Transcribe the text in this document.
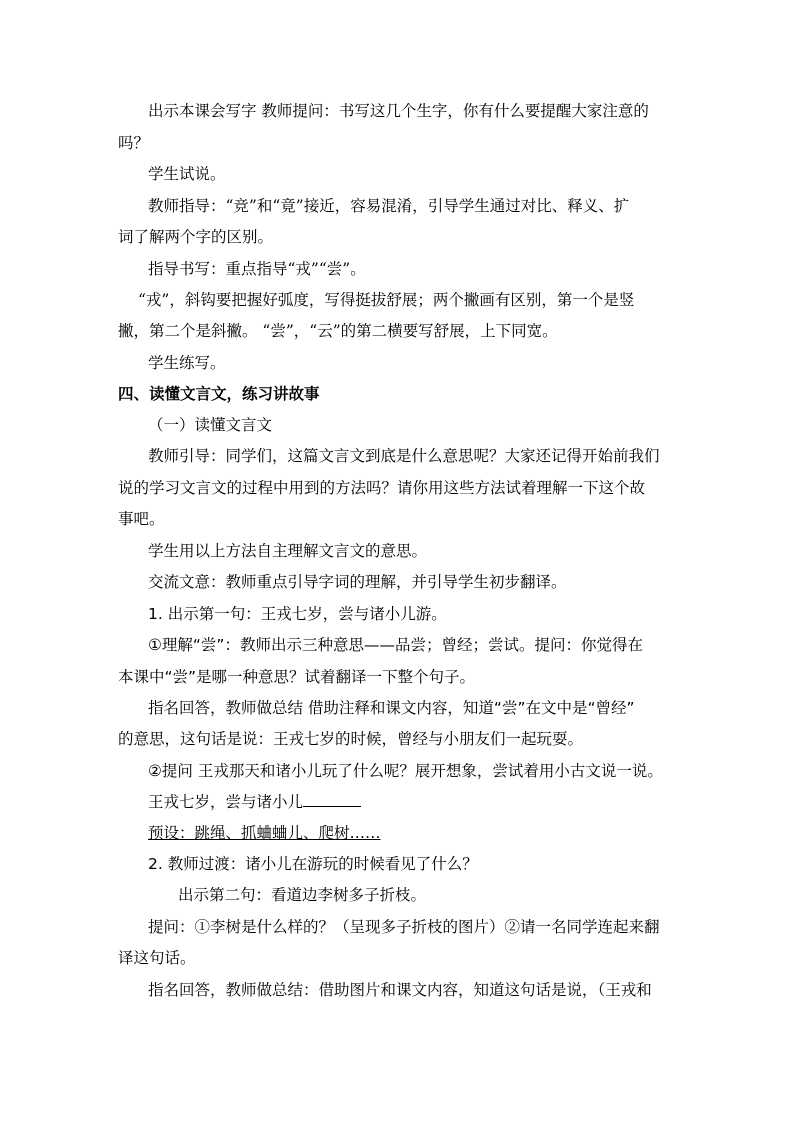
出示本课会写字 教师提问：书写这几个生字，你有什么要提醒大家注意的
吗？
学生试说。
教师指导：“竞”和“竟”接近，容易混淆，引导学生通过对比、释义、扩
词了解两个字的区别。
指导书写：重点指导“戎”“尝”。
“戎”，斜钩要把握好弧度，写得挺拔舒展；两个撇画有区别，第一个是竖
撇，第二个是斜撇。 “尝”，“云”的第二横要写舒展，上下同宽。
学生练写。
四、读懂文言文，练习讲故事
（一）读懂文言文
教师引导：同学们，这篇文言文到底是什么意思呢？大家还记得开始前我们
说的学习文言文的过程中用到的方法吗？请你用这些方法试着理解一下这个故
事吧。
学生用以上方法自主理解文言文的意思。
交流文意：教师重点引导字词的理解，并引导学生初步翻译。
1. 出示第一句：王戎七岁，尝与诸小儿游。
①理解“尝”：教师出示三种意思——品尝；曾经；尝试。提问：你觉得在
本课中“尝”是哪一种意思？试着翻译一下整个句子。
指名回答，教师做总结 借助注释和课文内容，知道“尝”在文中是“曾经”
的意思，这句话是说：王戎七岁的时候，曾经与小朋友们一起玩耍。
②提问 王戎那天和诸小儿玩了什么呢？展开想象，尝试着用小古文说一说。
王戎七岁，尝与诸小儿
预设：跳绳、抓蛐蛐儿、爬树……
2. 教师过渡：诸小儿在游玩的时候看见了什么？
出示第二句：看道边李树多子折枝。
提问：①李树是什么样的？（呈现多子折枝的图片）②请一名同学连起来翻
译这句话。
指名回答，教师做总结：借助图片和课文内容，知道这句话是说，（王戎和
